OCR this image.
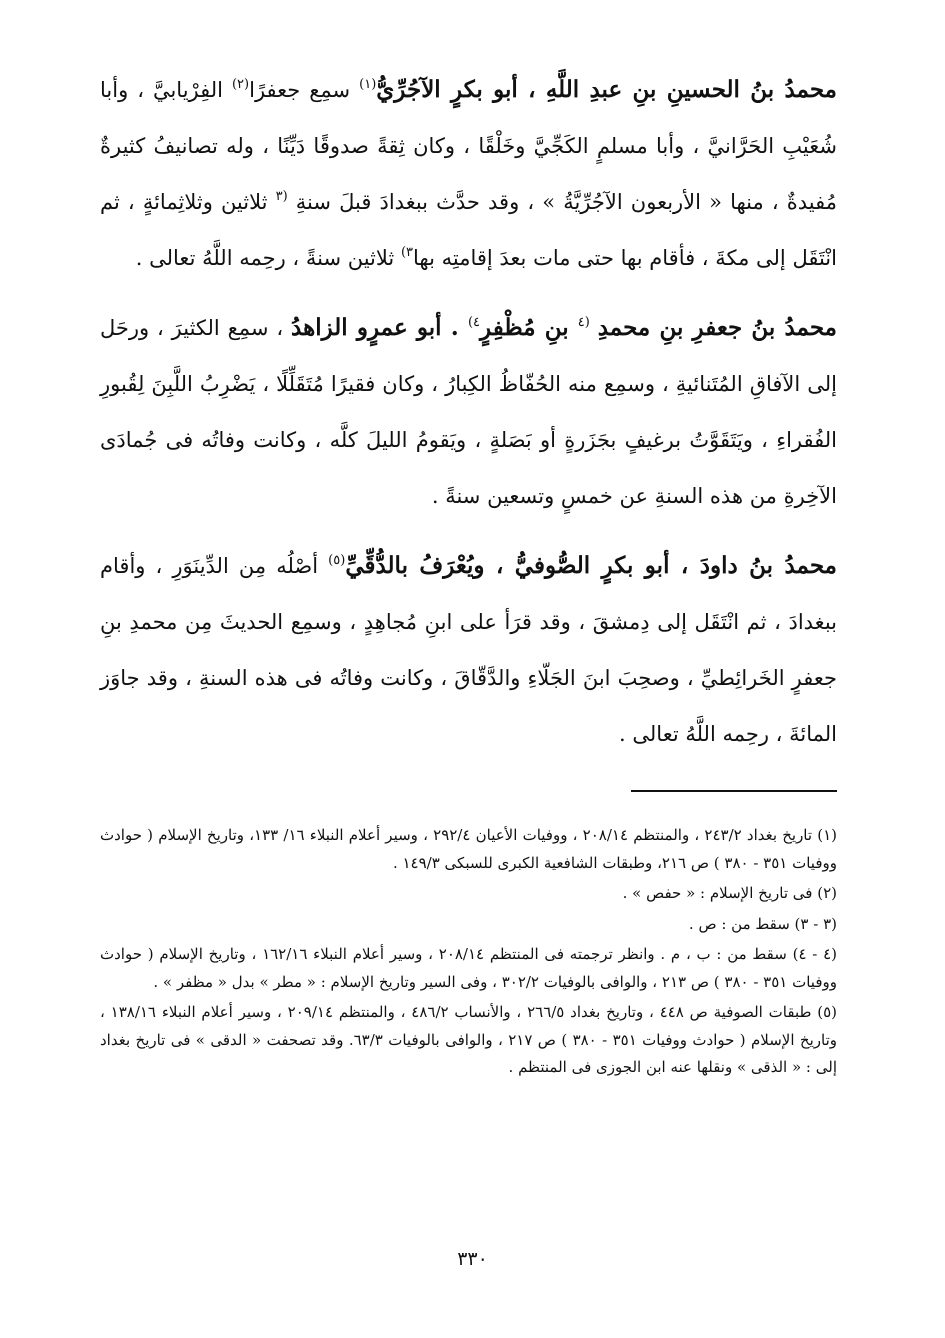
محمدُ بنُ الحسينِ بنِ عبدِ اللَّهِ ، أبو بكرٍ الآجُرِّيُّ$^{(١)}$ سمِع جعفرًا$^{(٢)}$ الفِرْيابيَّ ، وأبا شُعَيْبِ الحَرَّانيَّ ، وأبا مسلمٍ الكَجِّيَّ وخَلْقًا ، وكان ثِقةً صدوقًا دَيِّنًا ، وله تصانيفُ كثيرةٌ مُفيدةٌ ، منها « الأربعون الآجُرِّيَّةُ » ، وقد حدَّث ببغدادَ قبلَ سنةِ $^{(٣}$ ثلاثين وثلاثِمائةٍ ، ثم انْتَقَل إلى مكةَ ، فأقام بها حتى مات بعدَ إقامتِه بها$^{٣)}$ ثلاثين سنةً ، رحِمه اللَّهُ تعالى .

محمدُ بنُ جعفرِ بنِ محمدِ $^{(٤}$ بنِ مُظْفِرٍ$^{٤)}$ . أبو عمرٍو الزاهدُ ، سمِع الكثيرَ ، ورحَل إلى الآفاقِ المُتَنائيةِ ، وسمِع منه الحُفّاظُ الكِبارُ ، وكان فقيرًا مُتَقَلِّلًا ، يَضْرِبُ اللَّبِنَ لِقُبورِ الفُقراءِ ، ويَتَقَوَّتُ برغيفٍ بجَزَرةٍ أو بَصَلةٍ ، ويَقومُ الليلَ كلَّه ، وكانت وفاتُه فى جُمادَى الآخِرةِ من هذه السنةِ عن خمسٍ وتسعين سنةً .

محمدُ بنُ داودَ ، أبو بكرٍ الصُّوفيُّ ، ويُعْرَفُ بالدُّقِّيِّ$^{(٥)}$ أصْلُه مِن الدِّينَوَرِ ، وأقام ببغدادَ ، ثم انْتَقَل إلى دِمشقَ ، وقد قرَأ على ابنِ مُجاهِدٍ ، وسمِع الحديثَ مِن محمدِ بنِ جعفرٍ الخَرائِطيِّ ، وصحِبَ ابنَ الجَلّاءِ والدَّقّاقَ ، وكانت وفاتُه فى هذه السنةِ ، وقد جاوَز المائةَ ، رحِمه اللَّهُ تعالى .

(١) تاريخ بغداد ٢٤٣/٢ ، والمنتظم ٢٠٨/١٤ ، ووفيات الأعيان ٢٩٢/٤ ، وسير أعلام النبلاء ١٦/ ١٣٣، وتاريخ الإسلام ( حوادث ووفيات ٣٥١ - ٣٨٠ ) ص ٢١٦، وطبقات الشافعية الكبرى للسبكى ١٤٩/٣ .

(٢) فى تاريخ الإسلام : « حفص » .

(٣ - ٣) سقط من : ص .

(٤ - ٤) سقط من : ب ، م . وانظر ترجمته فى المنتظم ٢٠٨/١٤ ، وسير أعلام النبلاء ١٦٢/١٦ ، وتاريخ الإسلام ( حوادث ووفيات ٣٥١ - ٣٨٠ ) ص ٢١٣ ، والوافى بالوفيات ٣٠٢/٢ ، وفى السير وتاريخ الإسلام : « مطر » بدل « مظفر » .

(٥) طبقات الصوفية ص ٤٤٨ ، وتاريخ بغداد ٢٦٦/٥ ، والأنساب ٤٨٦/٢ ، والمنتظم ٢٠٩/١٤ ، وسير أعلام النبلاء ١٣٨/١٦ ، وتاريخ الإسلام ( حوادث ووفيات ٣٥١ - ٣٨٠ ) ص ٢١٧ ، والوافى بالوفيات ٦٣/٣. وقد تصحفت « الدقى » فى تاريخ بغداد إلى : « الذقى » ونقلها عنه ابن الجوزى فى المنتظم .

٣٣٠
